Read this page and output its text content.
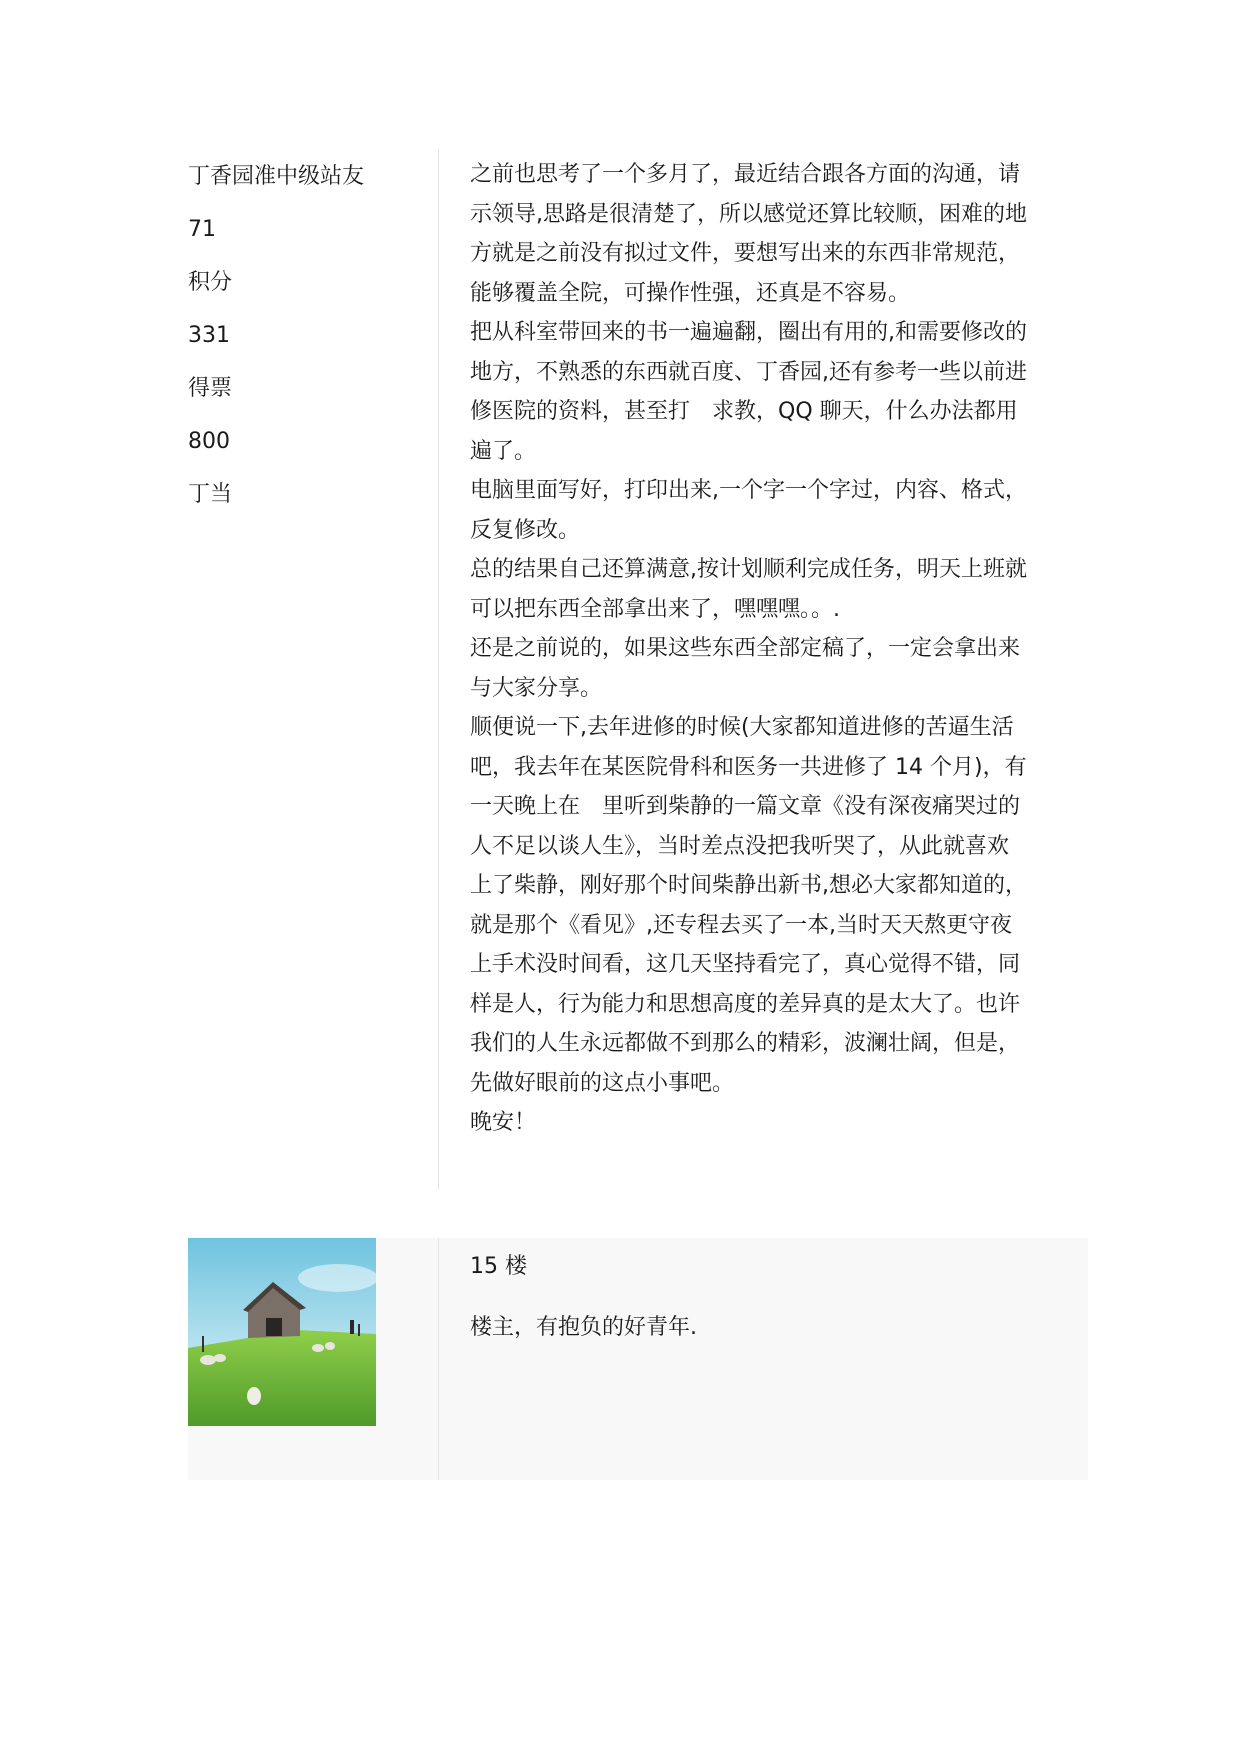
丁香园准中级站友
71
积分
331
得票
800
丁当

之前也思考了一个多月了，最近结合跟各方面的沟通，请

示领导,思路是很清楚了，所以感觉还算比较顺，困难的地

方就是之前没有拟过文件，要想写出来的东西非常规范，

能够覆盖全院，可操作性强，还真是不容易。

把从科室带回来的书一遍遍翻，圈出有用的,和需要修改的

地方，不熟悉的东西就百度、丁香园,还有参考一些以前进

修医院的资料，甚至打　求教，QQ 聊天，什么办法都用

遍了。

电脑里面写好，打印出来,一个字一个字过，内容、格式，

反复修改。

总的结果自己还算满意,按计划顺利完成任务，明天上班就

可以把东西全部拿出来了，嘿嘿嘿。。.

还是之前说的，如果这些东西全部定稿了，一定会拿出来

与大家分享。

顺便说一下,去年进修的时候(大家都知道进修的苦逼生活

吧，我去年在某医院骨科和医务一共进修了 14 个月)，有

一天晚上在　里听到柴静的一篇文章《没有深夜痛哭过的

人不足以谈人生》，当时差点没把我听哭了，从此就喜欢

上了柴静，刚好那个时间柴静出新书,想必大家都知道的，

就是那个《看见》,还专程去买了一本,当时天天熬更守夜

上手术没时间看，这几天坚持看完了，真心觉得不错，同

样是人，行为能力和思想高度的差异真的是太大了。也许

我们的人生永远都做不到那么的精彩，波澜壮阔，但是，

先做好眼前的这点小事吧。

晚安！

15 楼
楼主，有抱负的好青年.
